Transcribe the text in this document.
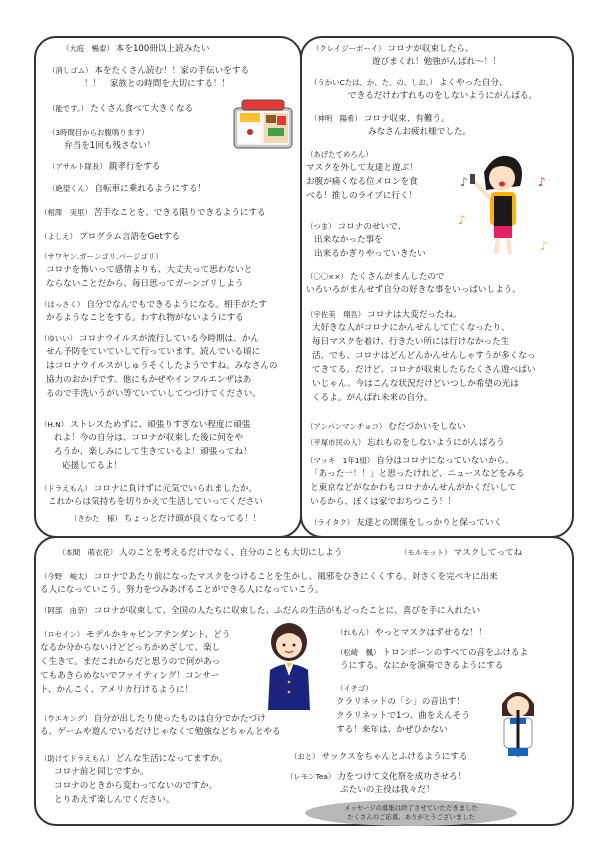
（大庭　暢泰） 本を100冊以上読みたい
（消しゴム） 本をたくさん読む！！家の手伝いをする
！！　家族との時間を大切にする！！
（能です。） たくさん食べて大きくなる
（3時間目からお腹鳴ります）
弁当を1回も残さない！
（アサルト隊長） 親孝行をする
（絶望くん） 自転車に乗れるようにする！
（相澤　実里） 苦手なことを、できる限りできるようにする
（よしえ） プログラム言語をGetする
（サワヤン.ガーンゴリ.パージゴリ）
コロナを怖いって感情よりも、大丈夫って思わないと
ならないことだから、毎日思ってガーンゴリしよう
（はっさく） 自分でなんでもできるようになる。相手がたす
かるようなことをする。わすれ物がないようにする
（ゆいい） コロナウイルスが流行している今時期は、かん
せん予防をていていして行っています。読んでいる頃に
はコロナウイルスがしゅうそくしたようですね。みなさんの
協力のおかげです。他にもかぜやインフルエンザはあ
るので手洗いうがい等ていていしてつづけてください。
（H.N） ストレスためずに、頑張りすぎない程度に頑張
れよ！今の自分は、コロナが収束した後に何をや
ろうか、楽しみにして生きているよ！頑張ってね！
応援してるよ！
（ドラえもん） コロナに負けずに元気でいられましたか。
これからは気持ちを切りかえて生活していってください
（さかた　様） ちょっとだけ頭が良くなってる！！
（クレイジーボーイ） コロナが収束したら、
遊びまくれ！勉強がんばれ〜！！
（うかいCたは、か、た、の、しお、） よくやった自分、
できるだけわすれものをしないようにがんばる。
（神明　陽希） コロナ収束、有難う。
みなさんお疲れ様でした。
（あげたてめろん）
マスクを外して友達と遊ぶ！
お腹が痛くなる位メロンを食
べる！推しのライブに行く！
（つま） コロナのせいで、
出来なかった事を
出来るかぎりやっていきたい
（〇〇××） たくさんがまんしたので
いろいろがまんせず自分の好きな事をいっぱいしよう。
（宇佐美　翔吾） コロナは大変だったね。
大好きな人がコロナにかんせんして亡くなったり、
毎日マスクを着け、行きたい所には行けなかった生
活。でも、コロナはどんどんかんせんしゃすうが多くなっ
てきてる。だけど、コロナが収束したらたくさん遊べばい
いじゃん。今はこんな状況だけどいつしか希望の光は
くるよ。がんばれ未来の自分。
（アンパンマンチョコ） むだづかいをしない
（平塚市民の人） 忘れものをしないようにがんばろう
（マッキ　1年1組） 自分はコロナになっていないから、
「あった一！！」と思ったけれど、ニュースなどをみる
と東京などがなかわもコロナかんせんがかくだいして
いるから、ぼくは家でおちつこう！！
（ライタク） 友達との関係をしっかりと保っていく
（本間　萌衣花） 人のことを考えるだけでなく、自分のことも大切にしよう	（モルモット） マスクしてってね
（今野　峻太） コロナであたり前になったマスクをつけることを生かし、風邪をひきにくくする。対さくを完ペキに出来
る人になっていこう。努力をつみあげることができる人になっていこう。
（阿部　由奈） コロナが収束して、全国の人たちに収束した、ふだんの生活がもどったことに、喜びを手に入れたい
（ロセイン） モデルかキャビンアテンダント、どう
なるか分からないけどどっちかめざして、楽し
く生きて。まだこれからだと思うので何があっ
てもあきらめないでファイティング！コンサー
ト、かんこく、アメリカ行けるように！
（ウエキング） 自分が出したり使ったものは自分でかたづけ
る。ゲームや遊んでいるだけじゃなくて勉強などちゃんとやる
（助けてドラえもん） どんな生活になってますか。
コロナ前と同じですか。
コロナのときから変わってないのですか。
とりあえず楽しんでください。
（れもん） やっとマスクはずせるな！！
（松崎　楓） トロンボーンのすべての音をふけるよ
うにする。なにかを演奏できるようにする
（イチゴ）
クラリネットの「シ」の音出す！
クラリネットで1つ、曲をえんそう
する！来年は、かぜひかない
（おと） サックスをちゃんとふけるようにする
（レモンTea） 力をつけて文化祭を成功させろ！
ぷたいの主役は我々だ！
♪
♪
♪
♪
メッセージの募集は終了させていただきました
たくさんのご応募、ありがとうございました
